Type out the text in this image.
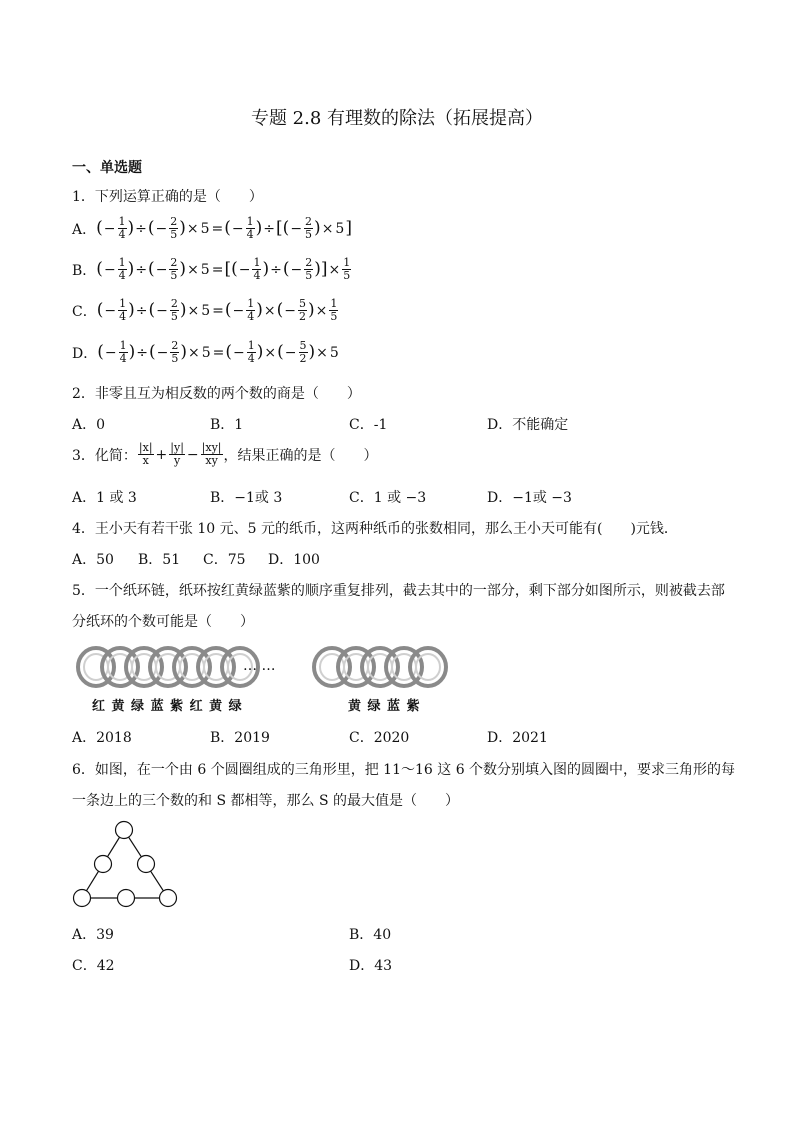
专题 2.8 有理数的除法（拓展提高）
一、单选题
1．下列运算正确的是（　　）
A． ( − $\frac{1}{4}$ ) ÷ ( − $\frac{2}{5}$ ) × 5 = ( − $\frac{1}{4}$ ) ÷ [ ( − $\frac{2}{5}$ ) × 5 ]
B． ( − $\frac{1}{4}$ ) ÷ ( − $\frac{2}{5}$ ) × 5 = [ ( − $\frac{1}{4}$ ) ÷ ( − $\frac{2}{5}$ ) ] × $\frac{1}{5}$
C． ( − $\frac{1}{4}$ ) ÷ ( − $\frac{2}{5}$ ) × 5 = ( − $\frac{1}{4}$ ) × ( − $\frac{5}{2}$ ) × $\frac{1}{5}$
D． ( − $\frac{1}{4}$ ) ÷ ( − $\frac{2}{5}$ ) × 5 = ( − $\frac{1}{4}$ ) × ( − $\frac{5}{2}$ ) × 5
2．非零且互为相反数的两个数的商是（　　）
A．0	B．1	C．-1	D．不能确定
3．化简： $\frac{|x|}{x} + \frac{|y|}{y} - \frac{|xy|}{xy}$ ，结果正确的是（　　）
A．1 或 3	B．−1或 3	C．1 或 −3	D．−1或 −3
4．王小天有若干张 10 元、5 元的纸币，这两种纸币的张数相同，那么王小天可能有(　　)元钱．
A．50 B．51 C．75 D．100
5．一个纸环链，纸环按红黄绿蓝紫的顺序重复排列，截去其中的一部分，剩下部分如图所示，则被截去部
分纸环的个数可能是（　　）
… …
红 黄 绿 蓝 紫 红 黄 绿	黄 绿 蓝 紫
A．2018	B．2019	C．2020	D．2021
6．如图，在一个由 6 个圆圈组成的三角形里，把 11～16 这 6 个数分别填入图的圆圈中，要求三角形的每
一条边上的三个数的和 S 都相等，那么 S 的最大值是（　　）
A．39	B．40
C．42	D．43
